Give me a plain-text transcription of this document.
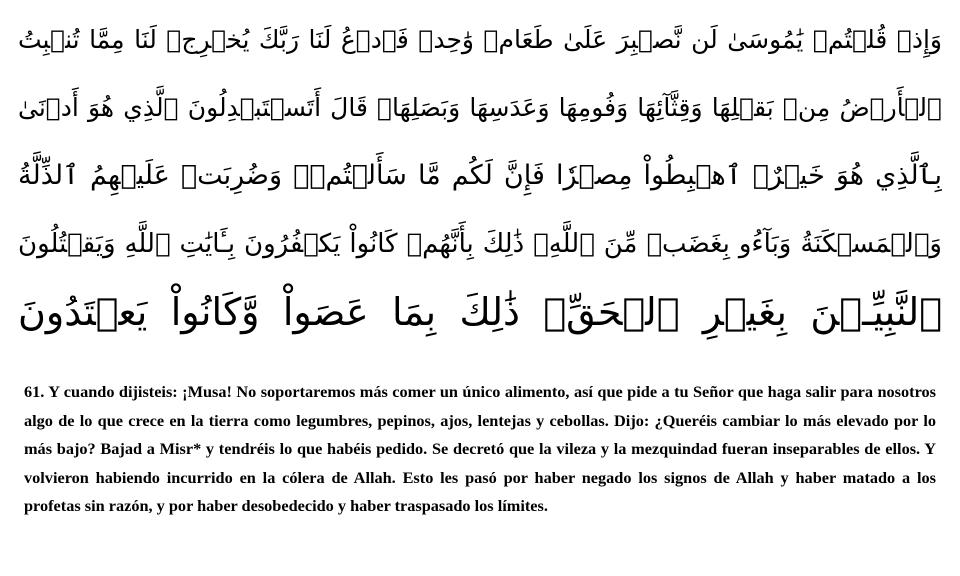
وَإِذۡ قُلۡتُمۡ يَٰمُوسَىٰ لَن نَّصۡبِرَ عَلَىٰ طَعَامٖ وَٰحِدٖ فَٱدۡعُ لَنَا رَبَّكَ يُخۡرِجۡ لَنَا مِمَّا تُنۢبِتُ
ٱلۡأَرۡضُ مِنۢ بَقۡلِهَا وَقِثَّآئِهَا وَفُومِهَا وَعَدَسِهَا وَبَصَلِهَاۖ قَالَ أَتَسۡتَبۡدِلُونَ ٱلَّذِي هُوَ أَدۡنَىٰ
بِٱلَّذِي هُوَ خَيۡرٌۚ ٱهۡبِطُواْ مِصۡرٗا فَإِنَّ لَكُم مَّا سَأَلۡتُمۡۗ وَضُرِبَتۡ عَلَيۡهِمُ ٱلذِّلَّةُ
وَٱلۡمَسۡكَنَةُ وَبَآءُو بِغَضَبٖ مِّنَ ٱللَّهِۗ ذَٰلِكَ بِأَنَّهُمۡ كَانُواْ يَكۡفُرُونَ بِـَٔايَٰتِ ٱللَّهِ وَيَقۡتُلُونَ
ٱلنَّبِيِّـۧنَ بِغَيۡرِ ٱلۡحَقِّۗ ذَٰلِكَ بِمَا عَصَواْ وَّكَانُواْ يَعۡتَدُونَ

61. Y cuando dijisteis: ¡Musa! No soportaremos más comer un único alimento, así que pide a tu Señor que haga salir para nosotros algo de lo que crece en la tierra como legumbres, pepinos, ajos, lentejas y cebollas. Dijo: ¿Queréis cambiar lo más elevado por lo más bajo? Bajad a Misr* y tendréis lo que habéis pedido. Se decretó que la vileza y la mezquindad fueran inseparables de ellos. Y volvieron habiendo incurrido en la cólera de Allah. Esto les pasó por haber negado los signos de Allah y haber matado a los profetas sin razón, y por haber desobedecido y haber traspasado los límites.
